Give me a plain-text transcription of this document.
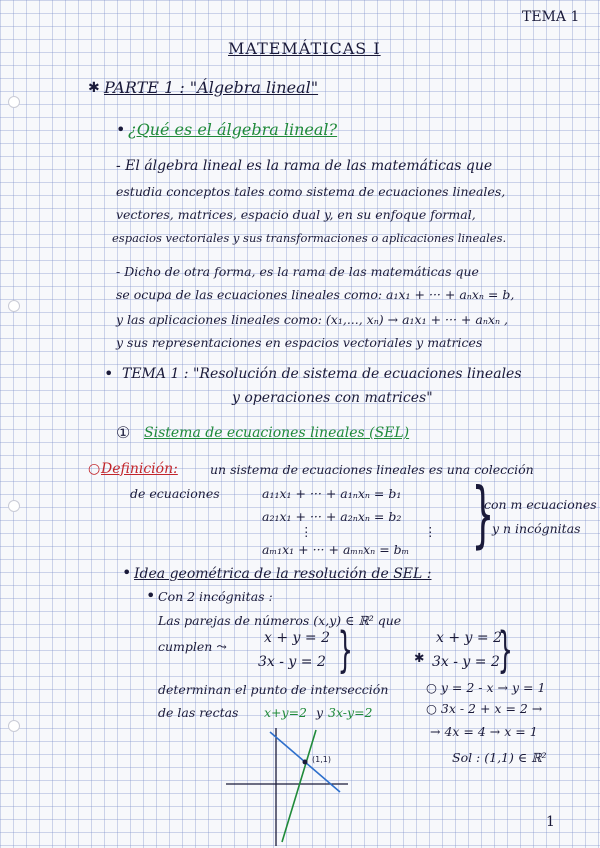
TEMA 1
MATEMÁTICAS I
✱ PARTE 1 : "Álgebra lineal"
• ¿Qué es el álgebra lineal?
- El álgebra lineal es la rama de las matemáticas que
estudia conceptos tales como sistema de ecuaciones lineales,
vectores, matrices, espacio dual y, en su enfoque formal,
espacios vectoriales y sus transformaciones o aplicaciones lineales.
- Dicho de otra forma, es la rama de las matemáticas que
se ocupa de las ecuaciones lineales como: a₁x₁ + ··· + aₙxₙ = b,
y las aplicaciones lineales como: (x₁,..., xₙ) → a₁x₁ + ··· + aₙxₙ ,
y sus representaciones en espacios vectoriales y matrices
• TEMA 1 : "Resolución de sistema de ecuaciones lineales
y operaciones con matrices"
① Sistema de ecuaciones lineales (SEL)
○ Definición:	un sistema de ecuaciones lineales es una colección
de ecuaciones	a₁₁x₁ + ··· + a₁ₙxₙ = b₁
a₂₁x₁ + ··· + a₂ₙxₙ = b₂
⋮	⋮
aₘ₁x₁ + ··· + aₘₙxₙ = bₘ }
con m ecuaciones
y n incógnitas
• Idea geométrica de la resolución de SEL :
• Con 2 incógnitas :
Las parejas de números (x,y) ∈ ℝ² que
cumplen ⤳
x + y = 2
3x - y = 2 }
determinan el punto de intersección
de las rectas x+y=2 y 3x-y=2
(1,1)
✱
x + y = 2
3x - y = 2
}
○ y = 2 - x → y = 1
○ 3x - 2 + x = 2 →
→ 4x = 4 → x = 1
Sol : (1,1) ∈ ℝ²
1
